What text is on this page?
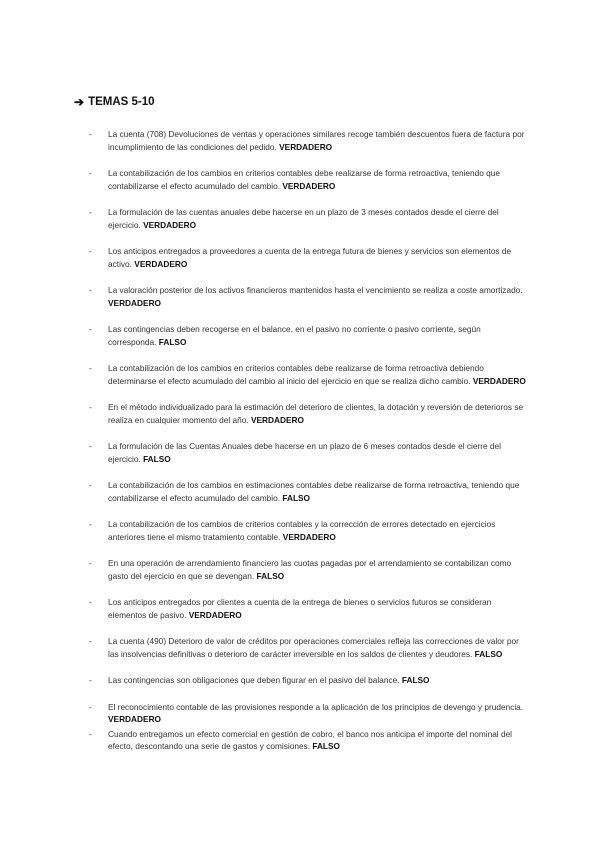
➔ TEMAS 5-10
- La cuenta (708) Devoluciones de ventas y operaciones similares recoge también descuentos fuera de factura por incumplimiento de las condiciones del pedido. VERDADERO
- La contabilización de los cambios en criterios contables debe realizarse de forma retroactiva, teniendo que contabilizarse el efecto acumulado del cambio. VERDADERO
- La formulación de las cuentas anuales debe hacerse en un plazo de 3 meses contados desde el cierre del ejercicio. VERDADERO
- Los anticipos entregados a proveedores a cuenta de la entrega futura de bienes y servicios son elementos de activo. VERDADERO
- La valoración posterior de los activos financieros mantenidos hasta el vencimiento se realiza a coste amortizado. VERDADERO
- Las contingencias deben recogerse en el balance, en el pasivo no corriente o pasivo corriente, según corresponda. FALSO
- La contabilización de los cambios en criterios contables debe realizarse de forma retroactiva debiendo determinarse el efecto acumulado del cambio al inicio del ejercicio en que se realiza dicho cambio. VERDADERO
- En el método individualizado para la estimación del deterioro de clientes, la dotación y reversión de deterioros se realiza en cualquier momento del año. VERDADERO
- La formulación de las Cuentas Anuales debe hacerse en un plazo de 6 meses contados desde el cierre del ejercicio. FALSO
- La contabilización de los cambios en estimaciones contables debe realizarse de forma retroactiva, teniendo que contabilizarse el efecto acumulado del cambio. FALSO
- La contabilización de los cambios de criterios contables y la corrección de errores detectado en ejercicios anteriores tiene el mismo tratamiento contable. VERDADERO
- En una operación de arrendamiento financiero las cuotas pagadas por el arrendamiento se contabilizan como gasto del ejercicio en que se devengan. FALSO
- Los anticipos entregados por clientes a cuenta de la entrega de bienes o servicios futuros se consideran elementos de pasivo. VERDADERO
- La cuenta (490) Deterioro de valor de créditos por operaciones comerciales refleja las correcciones de valor por las insolvencias definitivas o deterioro de carácter irreversible en los saldos de clientes y deudores. FALSO
- Las contingencias son obligaciones que deben figurar en el pasivo del balance. FALSO
- El reconocimiento contable de las provisiones responde a la aplicación de los principios de devengo y prudencia. VERDADERO
- Cuando entregamos un efecto comercial en gestión de cobro, el banco nos anticipa el importe del nominal del efecto, descontando una serie de gastos y comisiones. FALSO
